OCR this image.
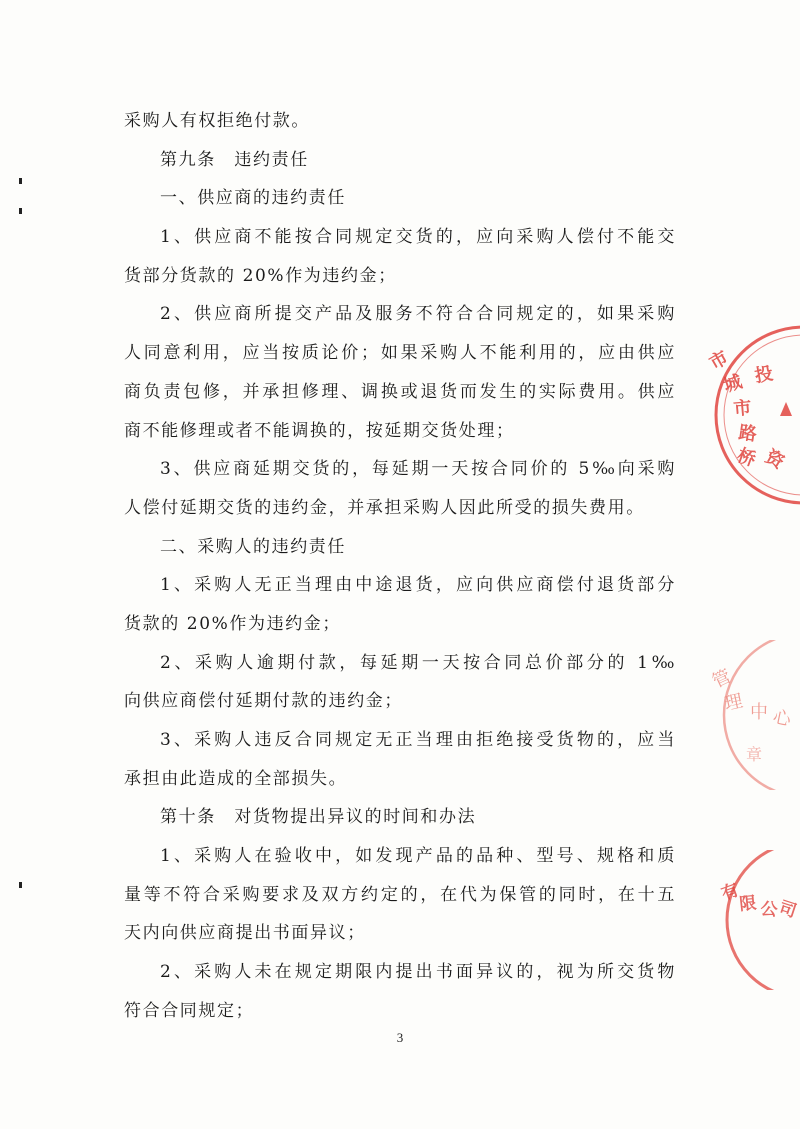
采购人有权拒绝付款。
第九条　违约责任
一、供应商的违约责任
1、供应商不能按合同规定交货的，应向采购人偿付不能交
货部分货款的 20%作为违约金；
2、供应商所提交产品及服务不符合合同规定的，如果采购
人同意利用，应当按质论价；如果采购人不能利用的，应由供应
商负责包修，并承担修理、调换或退货而发生的实际费用。供应
商不能修理或者不能调换的，按延期交货处理；
3、供应商延期交货的，每延期一天按合同价的 5‰向采购
人偿付延期交货的违约金，并承担采购人因此所受的损失费用。
二、采购人的违约责任
1、采购人无正当理由中途退货，应向供应商偿付退货部分
货款的 20%作为违约金；
2、采购人逾期付款，每延期一天按合同总价部分的 1‰
向供应商偿付延期付款的违约金；
3、采购人违反合同规定无正当理由拒绝接受货物的，应当
承担由此造成的全部损失。
第十条　对货物提出异议的时间和办法
1、采购人在验收中，如发现产品的品种、型号、规格和质
量等不符合采购要求及双方约定的，在代为保管的同时，在十五
天内向供应商提出书面异议；
2、采购人未在规定期限内提出书面异议的，视为所交货物
符合合同规定；
市
城
市
路
桥
投
资
管
理 中 心
章
有
限 公
司
3
